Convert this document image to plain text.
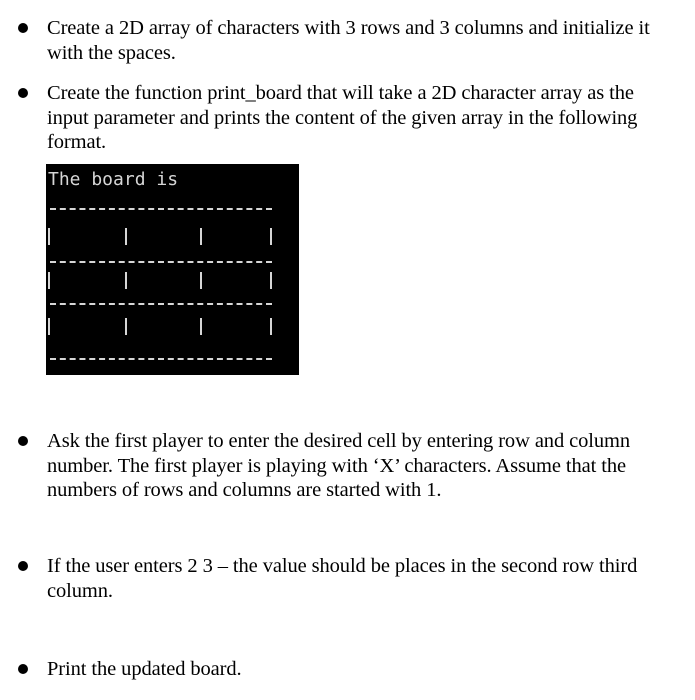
Create a 2D array of characters with 3 rows and 3 columns and initialize it with the spaces.
Create the function print_board that will take a 2D character array as the input parameter and prints the content of the given array in the following format.
The board is
Ask the first player to enter the desired cell by entering row and column number. The first player is playing with ‘X’ characters. Assume that the numbers of rows and columns are started with 1.
If the user enters 2 3 – the value should be places in the second row third column.
Print the updated board.
